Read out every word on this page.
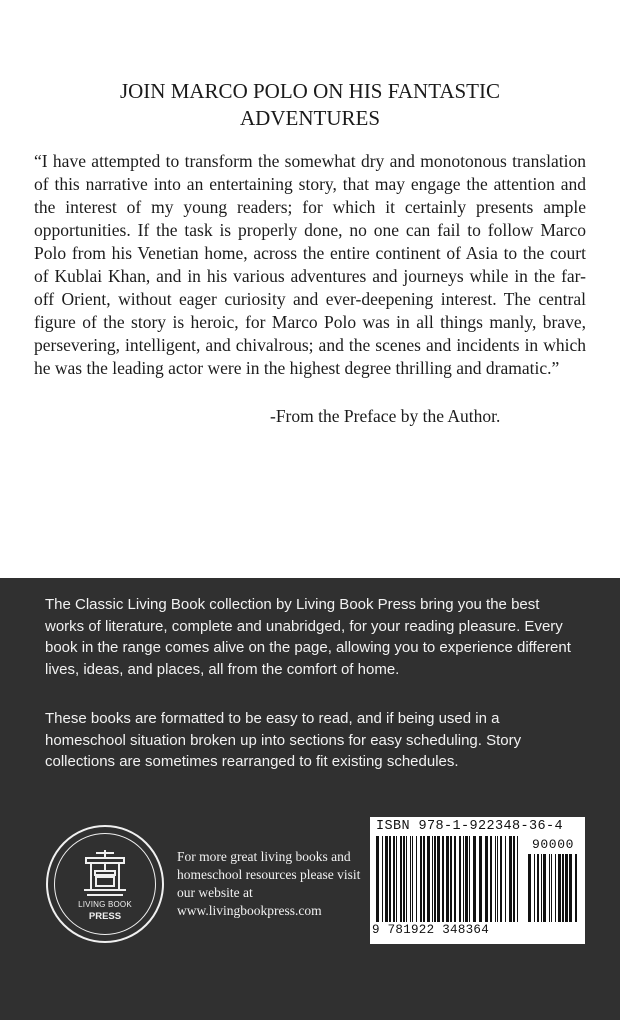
JOIN MARCO POLO ON HIS FANTASTIC ADVENTURES
“I have attempted to transform the somewhat dry and monotonous translation of this narrative into an entertaining story, that may engage the attention and the interest of my young readers; for which it certainly presents ample opportunities. If the task is properly done, no one can fail to follow Marco Polo from his Venetian home, across the entire continent of Asia to the court of Kublai Khan, and in his various adventures and journeys while in the far-off Orient, without eager curiosity and ever-deepening interest. The central figure of the story is heroic, for Marco Polo was in all things manly, brave, persevering, intelligent, and chivalrous; and the scenes and incidents in which he was the leading actor were in the highest degree thrilling and dramatic.”
-From the Preface by the Author.
The Classic Living Book collection by Living Book Press bring you the best works of literature, complete and unabridged, for your reading pleasure. Every book in the range comes alive on the page, allowing you to experience different lives, ideas, and places, all from the comfort of home.
These books are formatted to be easy to read, and if being used in a homeschool situation broken up into sections for easy scheduling. Story collections are sometimes rearranged to fit existing schedules.
LIVING BOOK
PRESS
For more great living books and homeschool resources please visit our website at www.livingbookpress.com
ISBN 978-1-922348-36-4
90000
9 781922 348364
